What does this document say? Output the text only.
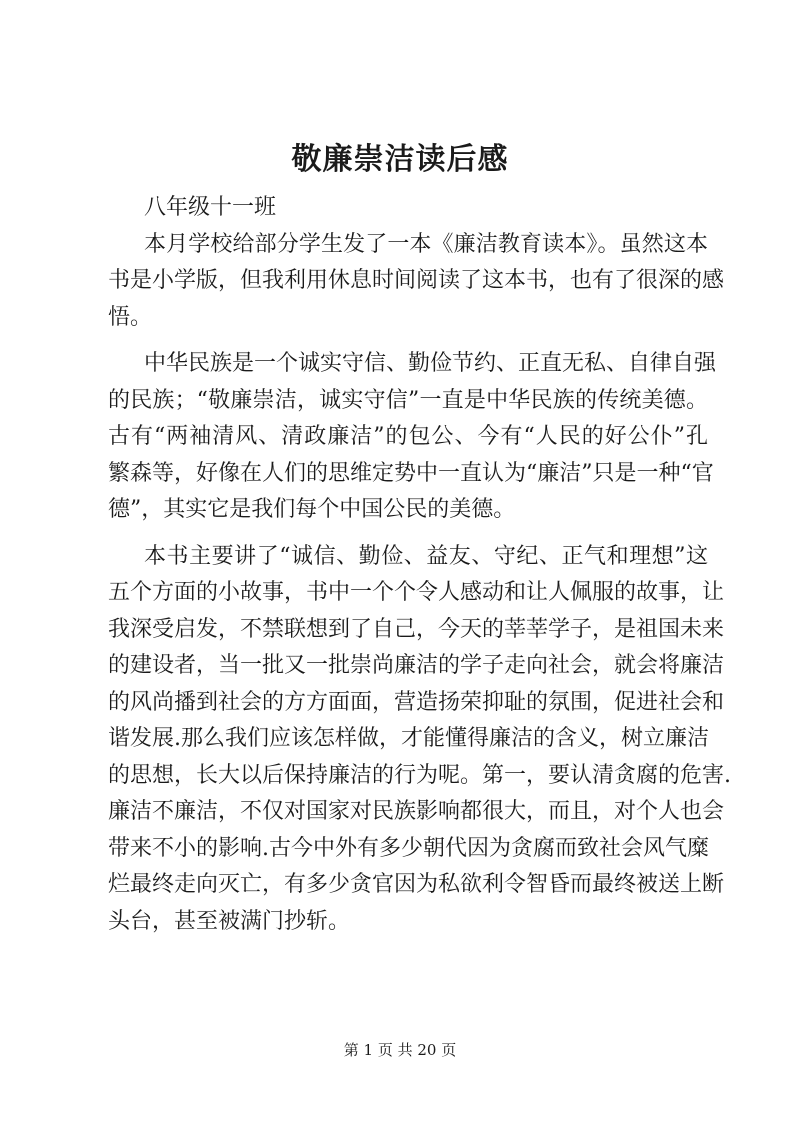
敬廉崇洁读后感
八年级十一班
本月学校给部分学生发了一本《廉洁教育读本》。虽然这本
书是小学版，但我利用休息时间阅读了这本书，也有了很深的感
悟。
中华民族是一个诚实守信、勤俭节约、正直无私、自律自强
的民族；“敬廉崇洁，诚实守信”一直是中华民族的传统美德。
古有“两袖清风、清政廉洁”的包公、今有“人民的好公仆”孔
繁森等，好像在人们的思维定势中一直认为“廉洁”只是一种“官
德”，其实它是我们每个中国公民的美德。
本书主要讲了“诚信、勤俭、益友、守纪、正气和理想”这
五个方面的小故事，书中一个个令人感动和让人佩服的故事，让
我深受启发，不禁联想到了自己，今天的莘莘学子，是祖国未来
的建设者，当一批又一批崇尚廉洁的学子走向社会，就会将廉洁
的风尚播到社会的方方面面，营造扬荣抑耻的氛围，促进社会和
谐发展.那么我们应该怎样做，才能懂得廉洁的含义，树立廉洁
的思想，长大以后保持廉洁的行为呢。第一，要认清贪腐的危害.
廉洁不廉洁，不仅对国家对民族影响都很大，而且，对个人也会
带来不小的影响.古今中外有多少朝代因为贪腐而致社会风气糜
烂最终走向灭亡，有多少贪官因为私欲利令智昏而最终被送上断
头台，甚至被满门抄斩。
第 1 页 共 20 页
